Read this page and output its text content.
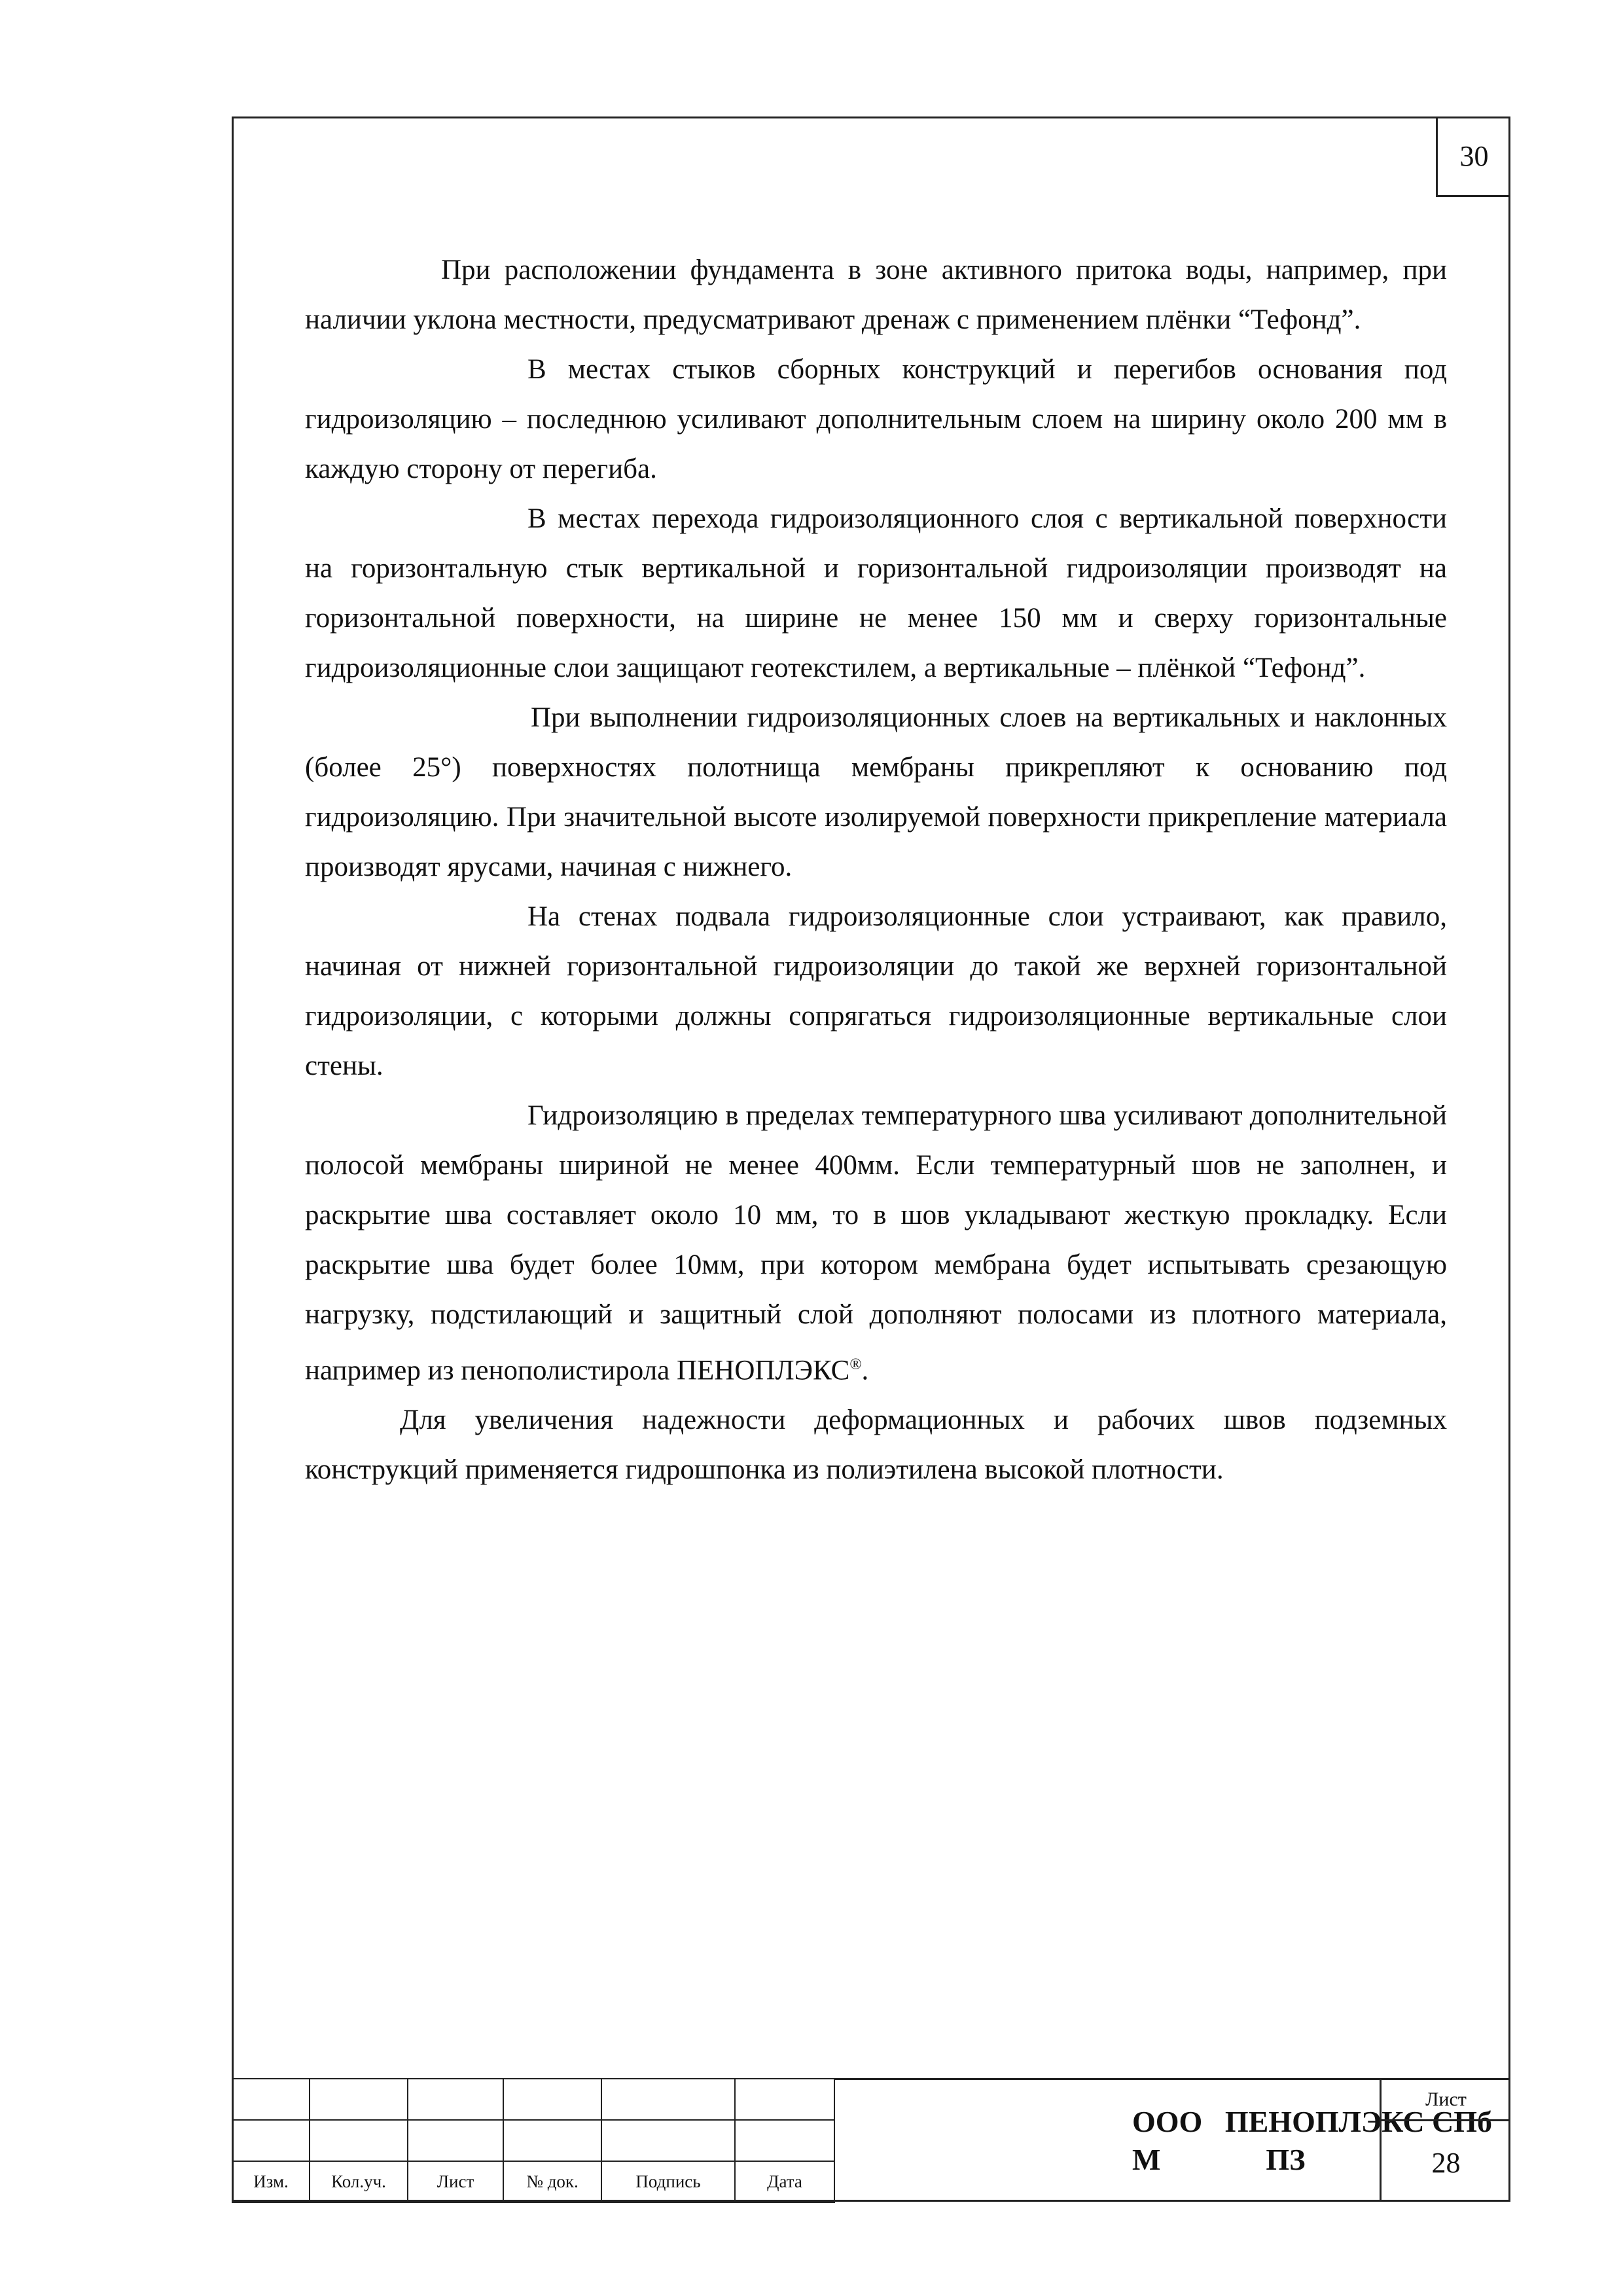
30

При расположении фундамента в зоне активного притока воды, например, при наличии уклона местности, предусматривают дренаж с применением плёнки “Тефонд”.

В местах стыков сборных конструкций и перегибов основания под гидроизоляцию – последнюю усиливают дополнительным слоем на ширину около 200 мм в каждую сторону от перегиба.

В местах перехода гидроизоляционного слоя с вертикальной поверхности на горизонтальную стык вертикальной и горизонтальной гидроизоляции производят на горизонтальной поверхности, на ширине не менее 150 мм и сверху горизонтальные гидроизоляционные слои защищают геотекстилем, а вертикальные – плёнкой “Тефонд”.

При выполнении гидроизоляционных слоев на вертикальных и наклонных (более 25°) поверхностях полотнища мембраны прикрепляют к основанию под гидроизоляцию. При значительной высоте изолируемой поверхности прикрепление материала производят ярусами, начиная с нижнего.

На стенах подвала гидроизоляционные слои устраивают, как правило, начиная от нижней горизонтальной гидроизоляции до такой же верхней горизонтальной гидроизоляции, с которыми должны сопрягаться гидроизоляционные вертикальные слои стены.

Гидроизоляцию в пределах температурного шва усиливают дополнительной полосой мембраны шириной не менее 400мм. Если температурный шов не заполнен, и раскрытие шва составляет около 10 мм, то в шов укладывают жесткую прокладку. Если раскрытие шва будет более 10мм, при котором мембрана будет испытывать срезающую нагрузку, подстилающий и защитный слой дополняют полосами из плотного материала, например из пенополистирола ПЕНОПЛЭКС®.

Для увеличения надежности деформационных и рабочих швов подземных конструкций применяется гидрошпонка из полиэтилена высокой плотности.

Изм.	Кол.уч.	Лист	№ док.	Подпись	Дата
ООО   ПЕНОПЛЭКС СПб
М              ПЗ
Лист
28
